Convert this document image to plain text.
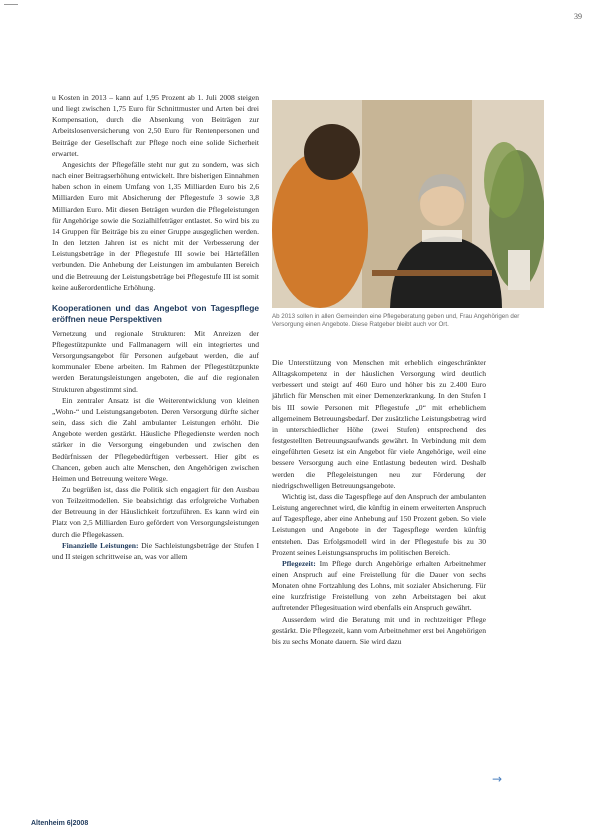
39

u Kosten in 2013 – kann auf 1,95 Prozent ab 1. Juli 2008 steigen und liegt zwischen 1,75 Euro für Schnittmuster und Arten bei drei Kompensation, durch die Absenkung von Beiträgen zur Arbeitslosenversicherung von 2,50 Euro für Rentenpersonen und Beiträge der Gesellschaft zur Pflege noch eine solide Sicherheit erwartet.

Angesichts der Pflegefälle steht nur gut zu sondern, was sich nach einer Beitragserhöhung entwickelt. Ihre bisherigen Einnahmen haben schon in einem Umfang von 1,35 Milliarden Euro bis 2,6 Milliarden Euro mit Absicherung der Pflegestufe 3 sowie 3,8 Milliarden Euro. Mit diesen Beträgen wurden die Pflegeleistungen für Angehörige sowie die Sozialhilfeträger entlastet. So wird bis zu 14 Gruppen für Beiträge bis zu einer Gruppe ausgeglichen werden. In den letzten Jahren ist es nicht mit der Verbesserung der Leistungsbeträge in der Pflegestufe III sowie bei Härtefällen verbunden. Die Anhebung der Leistungen im ambulanten Bereich und die Betreuung der Leistungsbeträge bei Pflegestufe III ist somit keine außerordentliche Erhöhung.

Kooperationen und das Angebot von Tagespflege eröffnen neue Perspektiven

Vernetzung und regionale Strukturen: Mit Anreizen der Pflegestützpunkte und Fallmanagern will ein integriertes und Versorgungsangebot für Personen aufgebaut werden, die auf kommunaler Ebene arbeiten. Im Rahmen der Pflegestützpunkte werden Beratungsleistungen angeboten, die auf die regionalen Strukturen abgestimmt sind.

Ein zentraler Ansatz ist die Weiterentwicklung von kleinen „Wohn-“ und Leistungsangeboten. Deren Versorgung dürfte sicher sein, dass sich die Zahl ambulanter Leistungen erhöht. Die Angebote werden gestärkt. Häusliche Pflegedienste werden noch stärker in die Versorgung eingebunden und zwischen den Bedürfnissen der Pflegebedürftigen verbessert. Hier gibt es Chancen, geben auch alte Menschen, den Angehörigen zwischen Heimen und Betreuung weitere Wege.

Zu begrüßen ist, dass die Politik sich engagiert für den Ausbau von Teilzeitmodellen. Sie beabsichtigt das erfolgreiche Vorhaben der Betreuung in der Häuslichkeit fortzuführen. Es kann wird ein Platz von 2,5 Milliarden Euro gefördert von Versorgungsleistungen durch die Pflegekassen.

Finanzielle Leistungen: Die Sachleistungsbeträge der Stufen I und II steigen schrittweise an, was vor allem

Ab 2013 sollen in allen Gemeinden eine Pflegeberatung geben und, Frau Angehörigen der Versorgung einen Angebote. Diese Ratgeber bleibt auch vor Ort.

Die Unterstützung von Menschen mit erheblich eingeschränkter Alltagskompetenz in der häuslichen Versorgung wird deutlich verbessert und steigt auf 460 Euro und höher bis zu 2.400 Euro jährlich für Menschen mit einer Demenzerkrankung. In den Stufen I bis III sowie Personen mit Pflegestufe „0“ mit erheblichem allgemeinem Betreuungsbedarf. Der zusätzliche Leistungsbetrag wird in unterschiedlicher Höhe (zwei Stufen) entsprechend des festgestellten Betreuungsaufwands gewährt. In Verbindung mit dem eingeführten Gesetz ist ein Angebot für viele Angehörige, weil eine bessere Versorgung auch eine Entlastung bedeuten wird. Deshalb werden die Pflegeleistungen neu zur Förderung der niedrigschwelligen Betreuungsangebote.

Wichtig ist, dass die Tagespflege auf den Anspruch der ambulanten Leistung angerechnet wird, die künftig in einem erweiterten Anspruch auf Tagespflege, aber eine Anhebung auf 150 Prozent geben. So viele Leistungen und Angebote in der Tagespflege werden künftig entstehen. Das Erfolgsmodell wird in der Pflegestufe bis zu 30 Prozent seines Leistungsanspruchs im politischen Bereich.

Pflegezeit: Im Pflege durch Angehörige erhalten Arbeitnehmer einen Anspruch auf eine Freistellung für die Dauer von sechs Monaten ohne Fortzahlung des Lohns, mit sozialer Absicherung. Für eine kurzfristige Freistellung von zehn Arbeitstagen bei akut auftretender Pflegesituation wird ebenfalls ein Anspruch gewährt.

Ausserdem wird die Beratung mit und in rechtzeitiger Pflege gestärkt. Die Pflegezeit, kann vom Arbeitnehmer erst bei Angehörigen bis zu sechs Monate dauern. Sie wird dazu

→
Altenheim 6|2008
